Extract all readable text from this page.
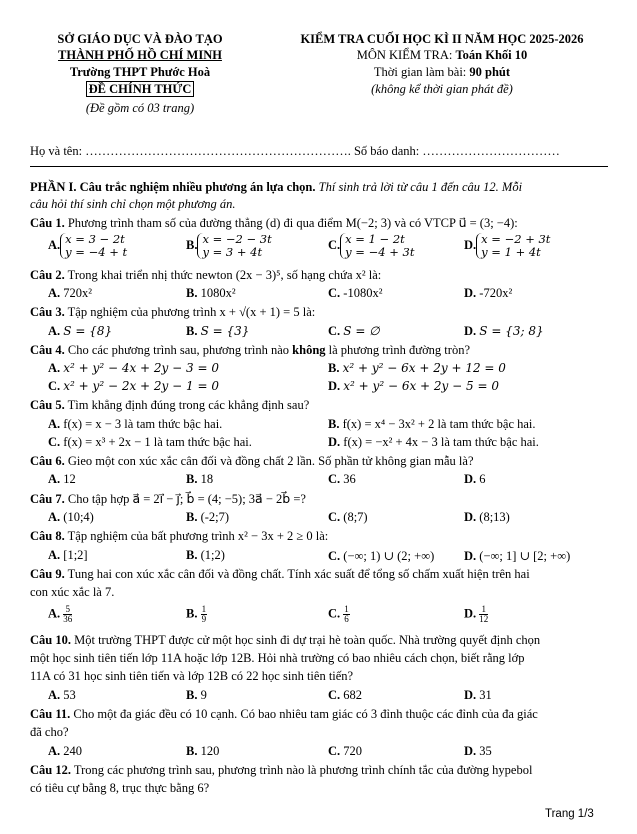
SỞ GIÁO DỤC VÀ ĐÀO TẠO
THÀNH PHỐ HỒ CHÍ MINH
Trường THPT Phước Hoà
ĐỀ CHÍNH THỨC
(Đề gồm có 03 trang)
KIỂM TRA CUỐI HỌC KÌ II NĂM HỌC 2025-2026
MÔN KIỂM TRA: Toán Khối 10
Thời gian làm bài: 90 phút
(không kể thời gian phát đề)
Họ và tên: ………………………………………………………. Số báo danh: ……………………………
PHẦN I. Câu trắc nghiệm nhiều phương án lựa chọn. Thí sinh trả lời từ câu 1 đến câu 12. Mỗi
câu hỏi thí sinh chỉ chọn một phương án.
Câu 1. Phương trình tham số của đường thẳng (d) đi qua điểm M(−2; 3) và có VTCP u⃗ = (3; −4):
A. x = 3 − 2t
y = −4 + t
B. x = −2 − 3t
y = 3 + 4t
C. x = 1 − 2t
y = −4 + 3t
D. x = −2 + 3t
y = 1 + 4t
Câu 2. Trong khai triển nhị thức newton (2x − 3)⁵, số hạng chứa x² là:
A. 720x²	B. 1080x²	C. -1080x²	D. -720x²
Câu 3. Tập nghiệm của phương trình x + √(x + 1) = 5 là:
A. S = {8}	B. S = {3}	C. S = ∅	D. S = {3; 8}
Câu 4. Cho các phương trình sau, phương trình nào không là phương trình đường tròn?
A. x² + y² − 4x + 2y − 3 = 0	B. x² + y² − 6x + 2y + 12 = 0
C. x² + y² − 2x + 2y − 1 = 0	D. x² + y² − 6x + 2y − 5 = 0
Câu 5. Tìm khẳng định đúng trong các khẳng định sau?
A. f(x) = x − 3 là tam thức bậc hai.	B. f(x) = x⁴ − 3x² + 2 là tam thức bậc hai.
C. f(x) = x³ + 2x − 1 là tam thức bậc hai.	D. f(x) = −x² + 4x − 3 là tam thức bậc hai.
Câu 6. Gieo một con xúc xắc cân đối và đồng chất 2 lần. Số phần tử không gian mẫu là?
A. 12	B. 18	C. 36	D. 6
Câu 7. Cho tập hợp a⃗ = 2i⃗ − j⃗; b⃗ = (4; −5); 3a⃗ − 2b⃗ =?
A. (10;4)	B. (-2;7)	C. (8;7)	D. (8;13)
Câu 8. Tập nghiệm của bất phương trình x² − 3x + 2 ≥ 0 là:
A. [1;2]	B. (1;2)	C. (−∞; 1) ∪ (2; +∞) D. (−∞; 1] ∪ [2; +∞)
Câu 9. Tung hai con xúc xắc cân đối và đồng chất. Tính xác suất để tổng số chấm xuất hiện trên hai
con xúc xắc là 7.
A. $\frac{5}{36}$	B. $\frac{1}{9}$	C. $\frac{1}{6}$	D. $\frac{1}{12}$
Câu 10. Một trường THPT được cử một học sinh đi dự trại hè toàn quốc. Nhà trường quyết định chọn
một học sinh tiên tiến lớp 11A hoặc lớp 12B. Hỏi nhà trường có bao nhiêu cách chọn, biết rằng lớp
11A có 31 học sinh tiên tiến và lớp 12B có 22 học sinh tiên tiến?
A. 53	B. 9	C. 682	D. 31
Câu 11. Cho một đa giác đều có 10 cạnh. Có bao nhiêu tam giác có 3 đỉnh thuộc các đỉnh của đa giác
đã cho?
A. 240	B. 120	C. 720	D. 35
Câu 12. Trong các phương trình sau, phương trình nào là phương trình chính tắc của đường hypebol
có tiêu cự bằng 8, trục thực bằng 6?
Trang 1/3
